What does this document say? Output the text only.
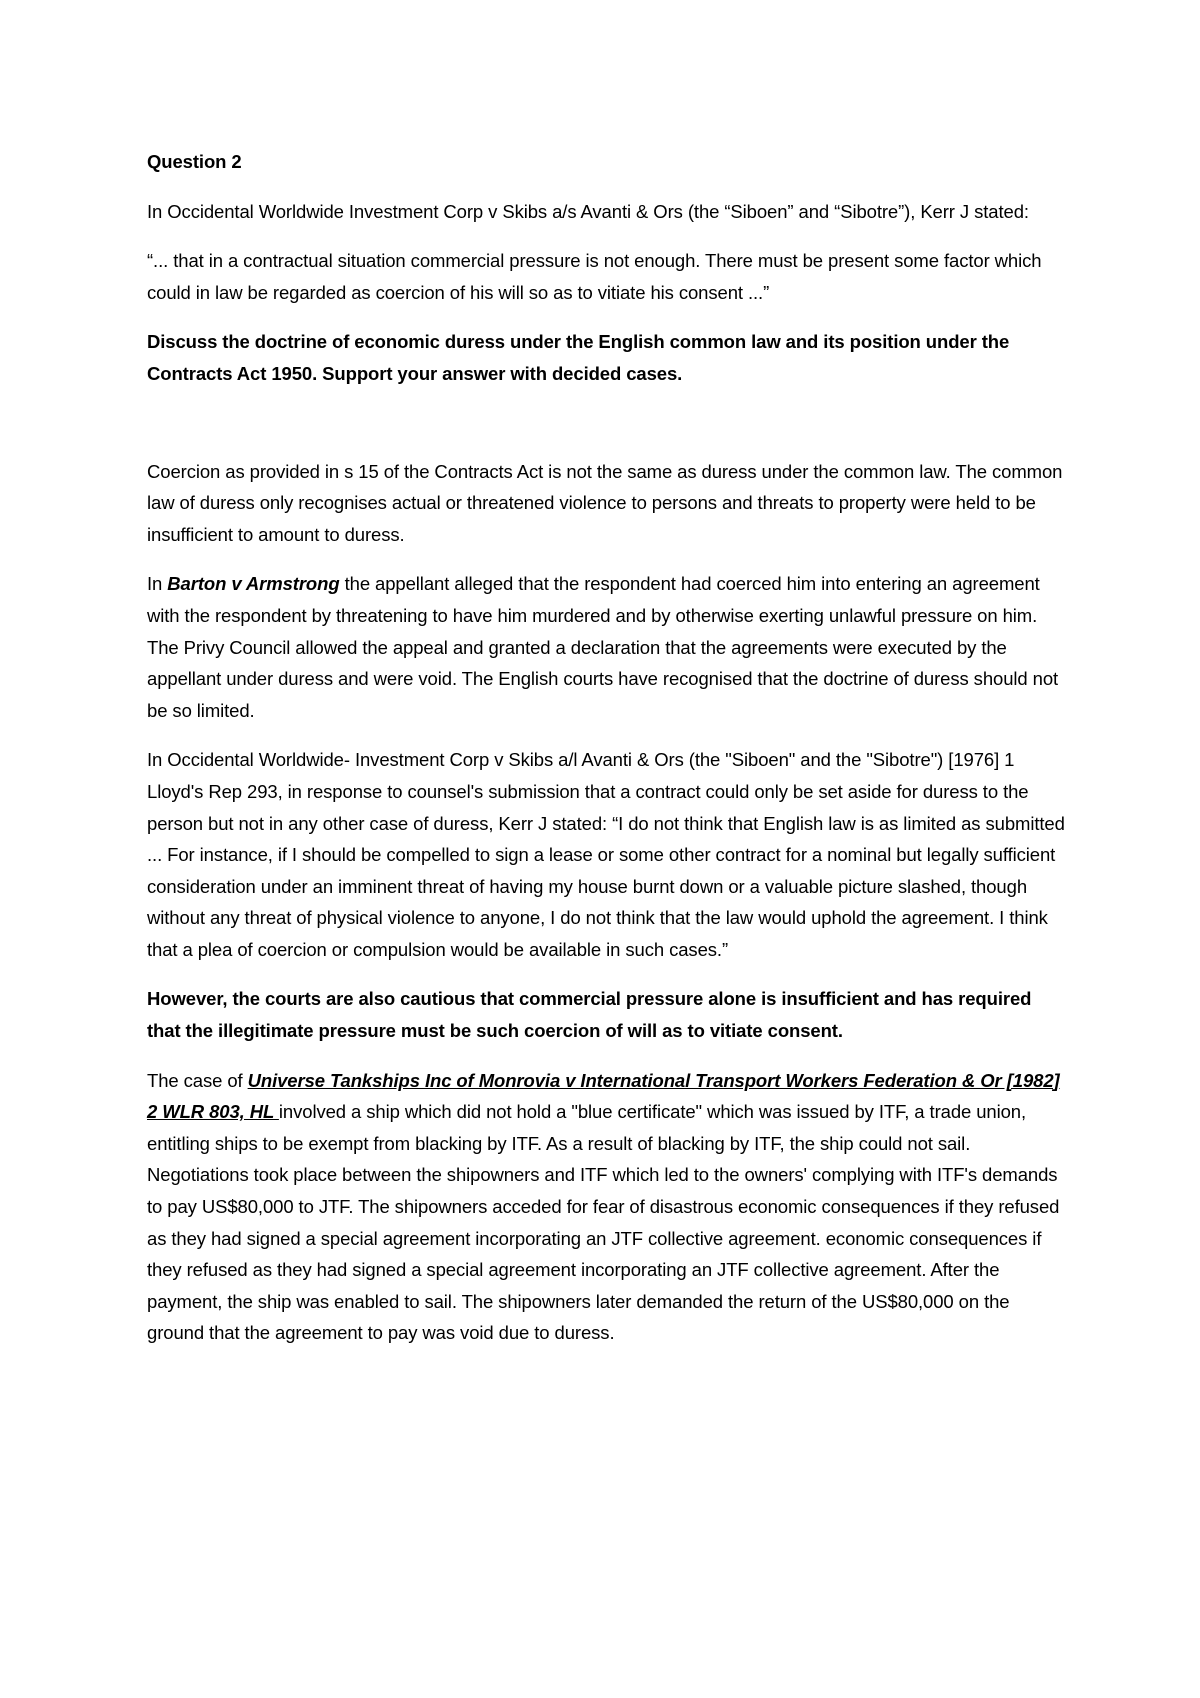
Question 2

In Occidental Worldwide Investment Corp v Skibs a/s Avanti & Ors (the “Siboen” and “Sibotre”), Kerr J stated:

“... that in a contractual situation commercial pressure is not enough. There must be present some factor which could in law be regarded as coercion of his will so as to vitiate his consent ...”

Discuss the doctrine of economic duress under the English common law and its position under the Contracts Act 1950. Support your answer with decided cases.

Coercion as provided in s 15 of the Contracts Act is not the same as duress under the common law. The common law of duress only recognises actual or threatened violence to persons and threats to property were held to be insufficient to amount to duress.

In Barton v Armstrong the appellant alleged that the respondent had coerced him into entering an agreement with the respondent by threatening to have him murdered and by otherwise exerting unlawful pressure on him. The Privy Council allowed the appeal and granted a declaration that the agreements were executed by the appellant under duress and were void. The English courts have recognised that the doctrine of duress should not be so limited.

In Occidental Worldwide- Investment Corp v Skibs a/l Avanti & Ors (the "Siboen" and the "Sibotre") [1976] 1 Lloyd's Rep 293, in response to counsel's submission that a contract could only be set aside for duress to the person but not in any other case of duress, Kerr J stated: “I do not think that English law is as limited as submitted ... For instance, if I should be compelled to sign a lease or some other contract for a nominal but legally sufficient consideration under an imminent threat of having my house burnt down or a valuable picture slashed, though without any threat of physical violence to anyone, I do not think that the law would uphold the agreement. I think that a plea of coercion or compulsion would be available in such cases.”

However, the courts are also cautious that commercial pressure alone is insufficient and has required that the illegitimate pressure must be such coercion of will as to vitiate consent.

The case of Universe Tankships Inc of Monrovia v International Transport Workers Federation & Or [1982] 2 WLR 803, HL involved a ship which did not hold a "blue certificate" which was issued by ITF, a trade union, entitling ships to be exempt from blacking by ITF. As a result of blacking by ITF, the ship could not sail. Negotiations took place between the shipowners and ITF which led to the owners' complying with ITF's demands to pay US$80,000 to JTF. The shipowners acceded for fear of disastrous economic consequences if they refused as they had signed a special agreement incorporating an JTF collective agreement. economic consequences if they refused as they had signed a special agreement incorporating an JTF collective agreement. After the payment, the ship was enabled to sail. The shipowners later demanded the return of the US$80,000 on the ground that the agreement to pay was void due to duress.
